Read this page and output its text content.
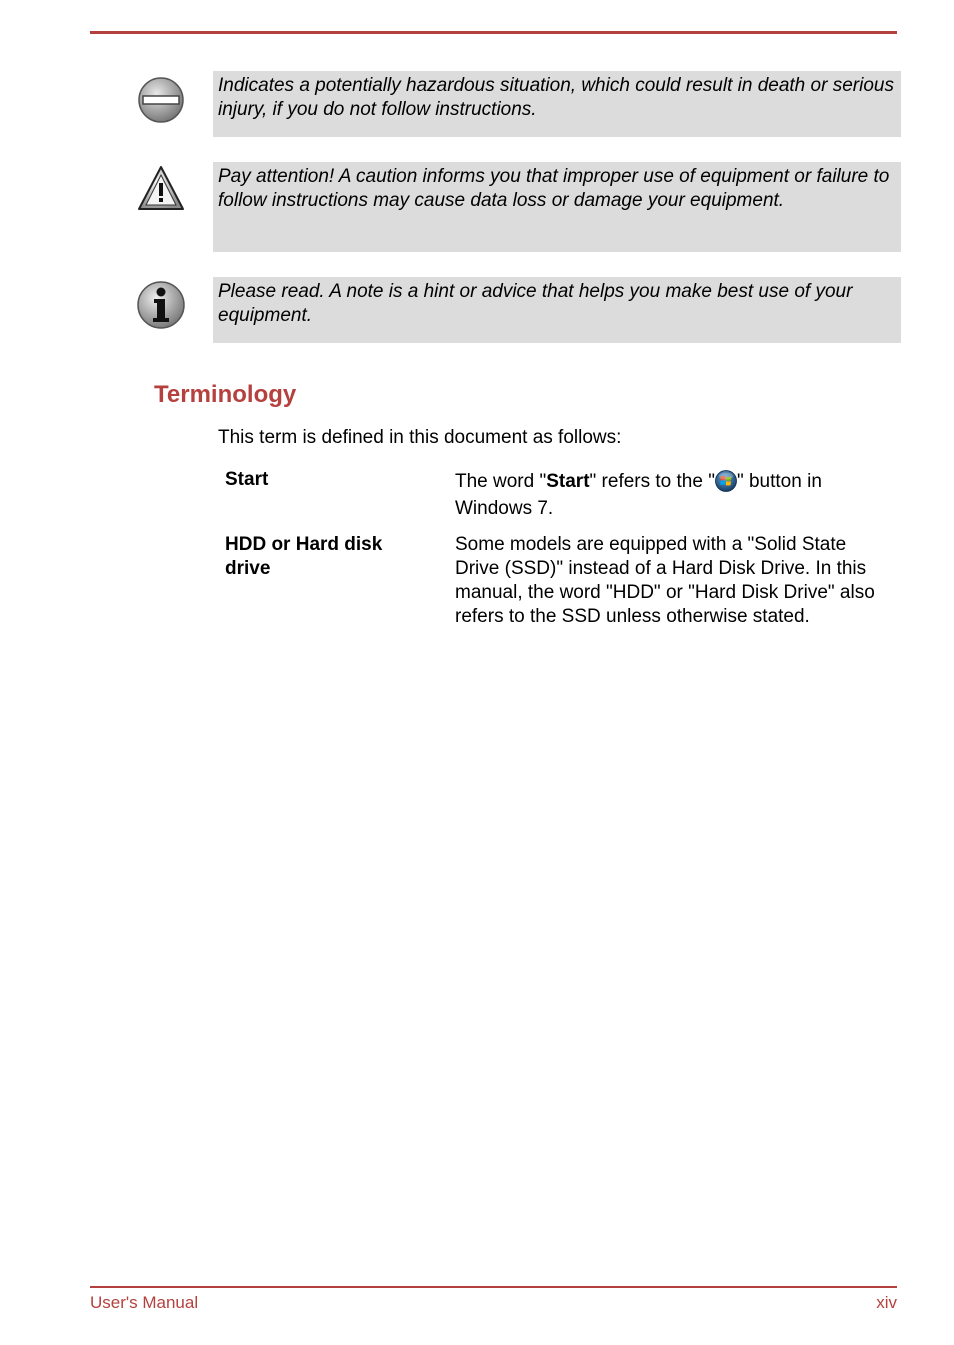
Indicates a potentially hazardous situation, which could result in death or serious injury, if you do not follow instructions.
Pay attention! A caution informs you that improper use of equipment or failure to follow instructions may cause data loss or damage your equipment.
Please read. A note is a hint or advice that helps you make best use of your equipment.
Terminology
This term is defined in this document as follows:
Start	The word "Start" refers to the " " button in Windows 7.
HDD or Hard disk drive
Some models are equipped with a "Solid State Drive (SSD)" instead of a Hard Disk Drive. In this manual, the word "HDD" or "Hard Disk Drive" also refers to the SSD unless otherwise stated.
User's Manual	xiv
